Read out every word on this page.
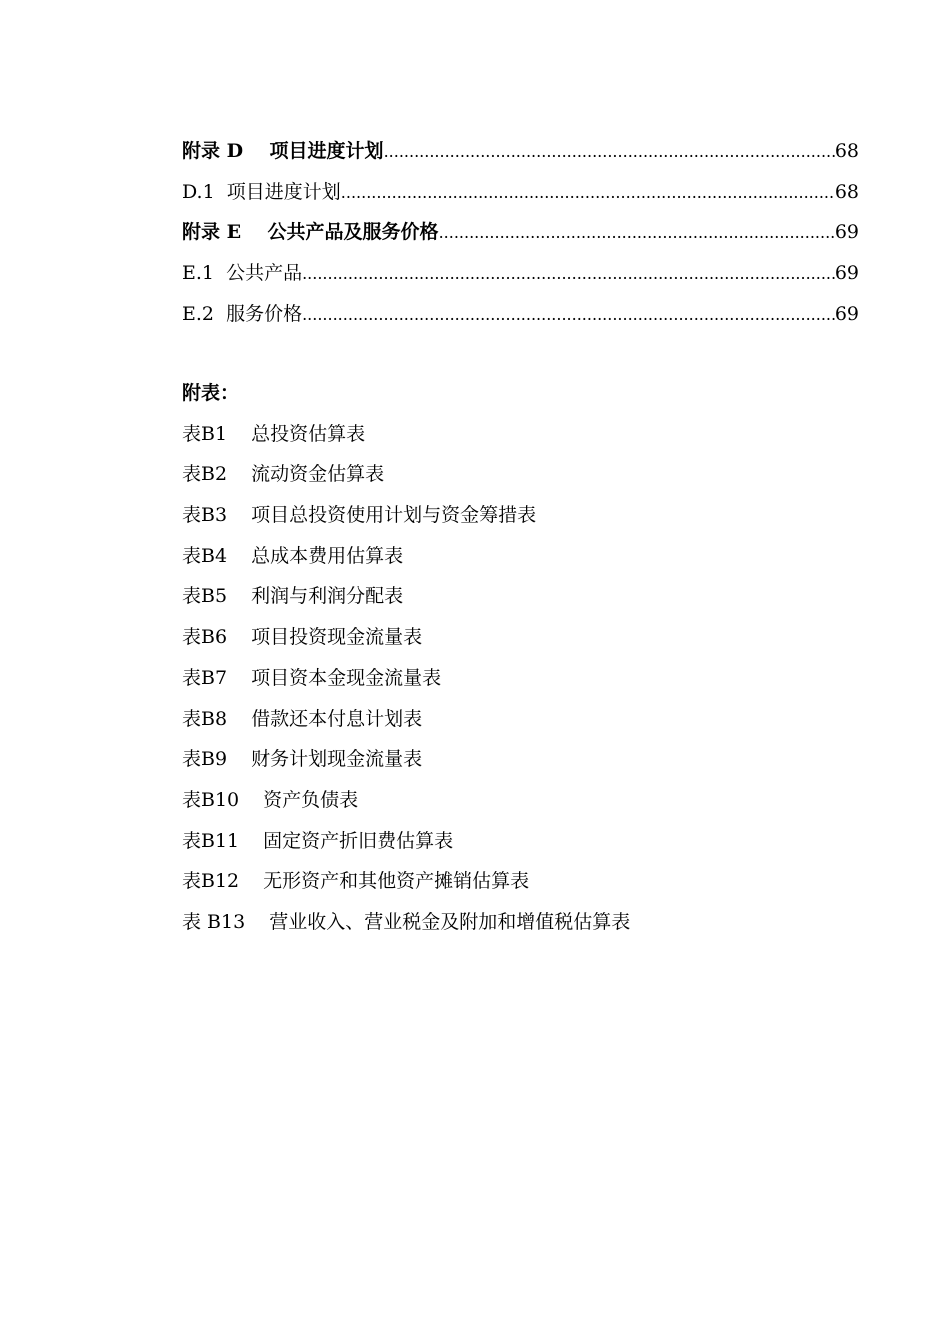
附录 D    项目进度计划 .....	68
D.1  项目进度计划 .....	68
附录 E    公共产品及服务价格 .....	69
E.1  公共产品 .....	69
E.2  服务价格 .....	69
附表：
表B1 总投资估算表
表B2 流动资金估算表
表B3 项目总投资使用计划与资金筹措表
表B4 总成本费用估算表
表B5 利润与利润分配表
表B6 项目投资现金流量表
表B7 项目资本金现金流量表
表B8 借款还本付息计划表
表B9 财务计划现金流量表
表B10 资产负债表
表B11 固定资产折旧费估算表
表B12 无形资产和其他资产摊销估算表
表 B13 营业收入、营业税金及附加和增值税估算表
